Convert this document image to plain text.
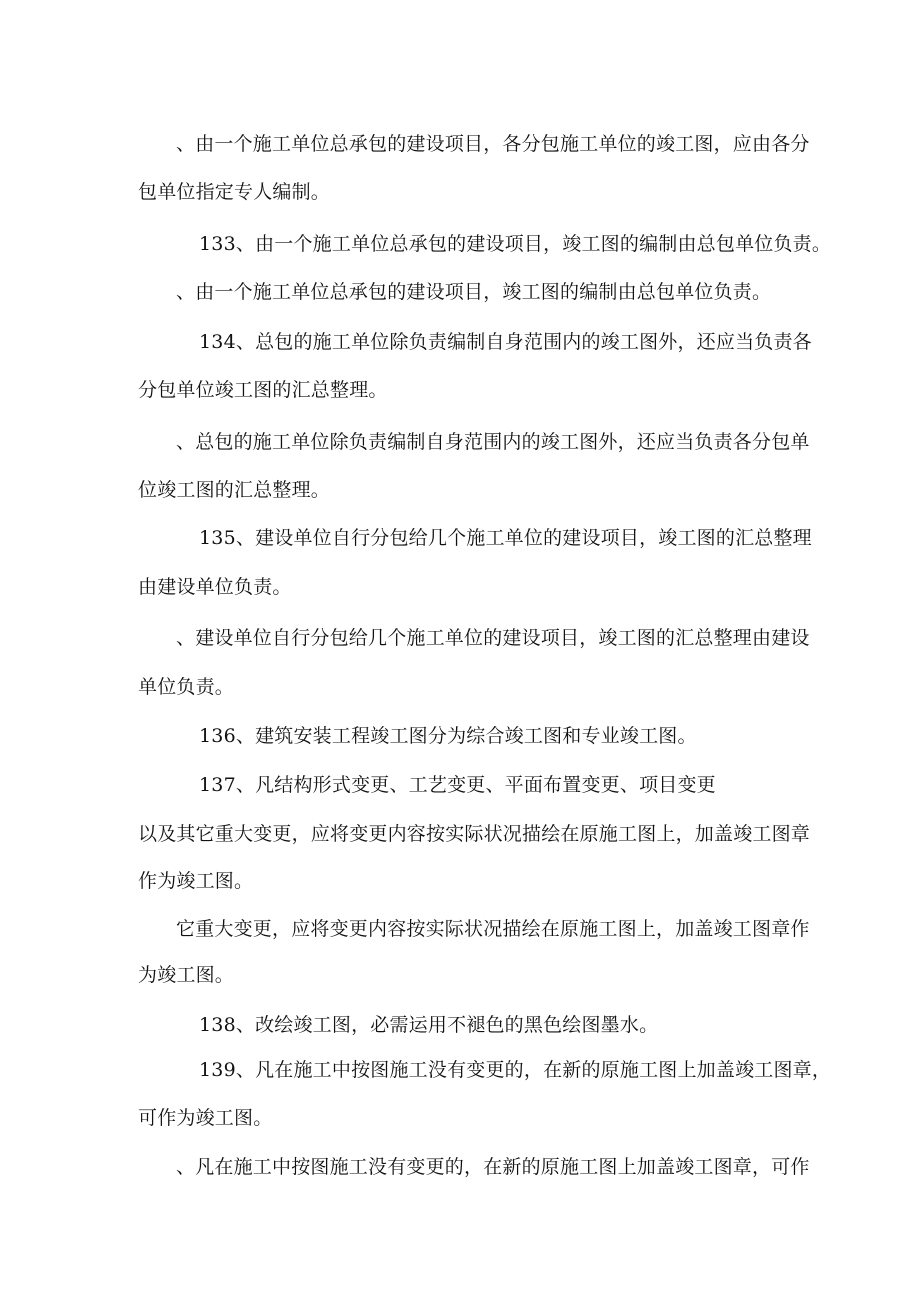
、由一个施工单位总承包的建设项目，各分包施工单位的竣工图，应由各分
包单位指定专人编制。
133、由一个施工单位总承包的建设项目，竣工图的编制由总包单位负责。
、由一个施工单位总承包的建设项目，竣工图的编制由总包单位负责。
134、总包的施工单位除负责编制自身范围内的竣工图外，还应当负责各
分包单位竣工图的汇总整理。
、总包的施工单位除负责编制自身范围内的竣工图外，还应当负责各分包单
位竣工图的汇总整理。
135、建设单位自行分包给几个施工单位的建设项目，竣工图的汇总整理
由建设单位负责。
、建设单位自行分包给几个施工单位的建设项目，竣工图的汇总整理由建设
单位负责。
136、建筑安装工程竣工图分为综合竣工图和专业竣工图。
137、凡结构形式变更、工艺变更、平面布置变更、项目变更
以及其它重大变更，应将变更内容按实际状况描绘在原施工图上，加盖竣工图章
作为竣工图。
它重大变更，应将变更内容按实际状况描绘在原施工图上，加盖竣工图章作
为竣工图。
138、改绘竣工图，必需运用不褪色的黑色绘图墨水。
139、凡在施工中按图施工没有变更的，在新的原施工图上加盖竣工图章，
可作为竣工图。
、凡在施工中按图施工没有变更的，在新的原施工图上加盖竣工图章，可作
